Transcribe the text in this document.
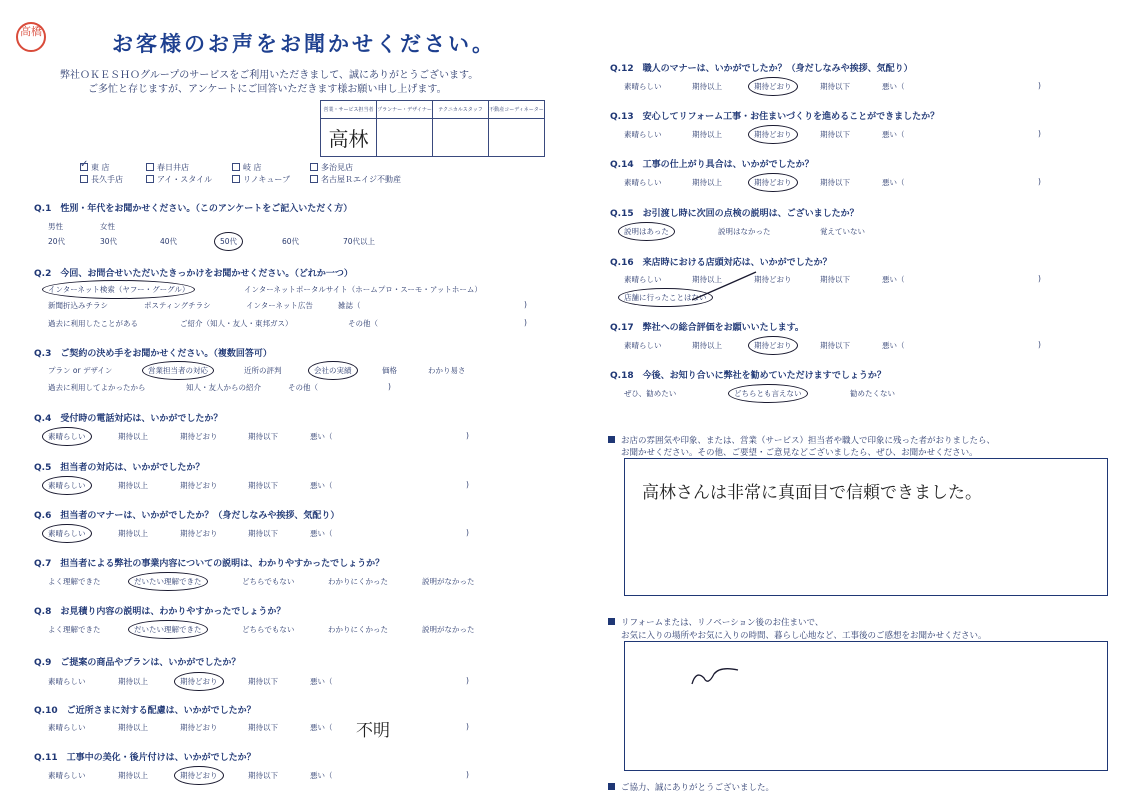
高橋
お客様のお声をお聞かせください。
弊社ＯＫＥＳＨＯグループのサービスをご利用いただきまして、誠にありがとうございます。
ご多忙と存じますが、アンケートにご回答いただきます様お願い申し上げます。
営業・サービス担当者	プランナー・デザイナー	テクニカルスタッフ	不動産コーディネーター
高林			
✓東 店	春日井店	岐 店	多治見店
長久手店	アイ・スタイル	リノキューブ	名古屋Ｒエイジ不動産
Q.1　性別・年代をお聞かせください。（このアンケートをご記入いただく方）
男性	女性
20代	30代	40代	50代	60代	70代以上
Q.2　今回、お問合せいただいたきっかけをお聞かせください。（どれか一つ）
インターネット検索（ヤフー・グーグル）	インターネットポータルサイト（ホームプロ・スーモ・アットホーム）
新聞折込みチラシ	ポスティングチラシ	インターネット広告	雑誌（	)
過去に利用したことがある	ご紹介（知人・友人・東邦ガス）	その他（	)
Q.3　ご契約の決め手をお聞かせください。（複数回答可）
プラン or デザイン	営業担当者の対応	近所の評判	会社の実績	価格	わかり易さ
過去に利用してよかったから	知人・友人からの紹介	その他（	)
Q.4　受付時の電話対応は、いかがでしたか？
素晴らしい	期待以上	期待どおり	期待以下	悪い（	)
Q.5　担当者の対応は、いかがでしたか？
素晴らしい	期待以上	期待どおり	期待以下	悪い（	)
Q.6　担当者のマナーは、いかがでしたか？（身だしなみや挨拶、気配り）
素晴らしい	期待以上	期待どおり	期待以下	悪い（	)
Q.7　担当者による弊社の事業内容についての説明は、わかりやすかったでしょうか？
よく理解できた	だいたい理解できた	どちらでもない	わかりにくかった	説明がなかった
Q.8　お見積り内容の説明は、わかりやすかったでしょうか？
よく理解できた	だいたい理解できた	どちらでもない	わかりにくかった	説明がなかった
Q.9　ご提案の商品やプランは、いかがでしたか？
素晴らしい	期待以上	期待どおり	期待以下	悪い（	)
Q.10　ご近所さまに対する配慮は、いかがでしたか？
素晴らしい	期待以上	期待どおり	期待以下	悪い（	)
不明
Q.11　工事中の美化・後片付けは、いかがでしたか？
素晴らしい	期待以上	期待どおり	期待以下	悪い（	)
Q.12　職人のマナーは、いかがでしたか？（身だしなみや挨拶、気配り）
素晴らしい	期待以上	期待どおり	期待以下	悪い（	)
Q.13　安心してリフォーム工事・お住まいづくりを進めることができましたか？
素晴らしい	期待以上	期待どおり	期待以下	悪い（	)
Q.14　工事の仕上がり具合は、いかがでしたか？
素晴らしい	期待以上	期待どおり	期待以下	悪い（	)
Q.15　お引渡し時に次回の点検の説明は、ございましたか？
説明はあった	説明はなかった	覚えていない
Q.16　来店時における店頭対応は、いかがでしたか？
素晴らしい	期待以上	期待どおり	期待以下	悪い（	)
店舗に行ったことはない
Q.17　弊社への総合評価をお願いいたします。
素晴らしい	期待以上	期待どおり	期待以下	悪い（	)
Q.18　今後、お知り合いに弊社を勧めていただけますでしょうか？
ぜひ、勧めたい	どちらとも言えない	勧めたくない
お店の雰囲気や印象、または、営業（サービス）担当者や職人で印象に残った者がおりましたら、
お聞かせください。その他、ご要望・ご意見などございましたら、ぜひ、お聞かせください。
高林さんは非常に真面目で信頼できました。
リフォームまたは、リノベーション後のお住まいで、
お気に入りの場所やお気に入りの時間、暮らし心地など、工事後のご感想をお聞かせください。
ご協力、誠にありがとうございました。
